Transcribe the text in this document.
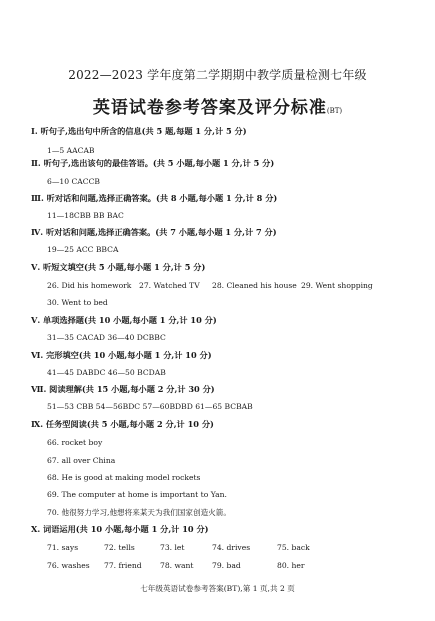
2022—2023 学年度第二学期期中教学质量检测七年级
英语试卷参考答案及评分标准(BT)
Ⅰ. 听句子,选出句中所含的信息(共 5 题,每题 1 分,计 5 分)
1—5 AACAB
Ⅱ. 听句子,选出该句的最佳答语。(共 5 小题,每小题 1 分,计 5 分)
6—10 CACCB
Ⅲ. 听对话和问题,选择正确答案。(共 8 小题,每小题 1 分,计 8 分)
11—18CBB BB BAC
Ⅳ. 听对话和问题,选择正确答案。(共 7 小题,每小题 1 分,计 7 分)
19—25 ACC BBCA
Ⅴ. 听短文填空(共 5 小题,每小题 1 分,计 5 分)
26. Did his homework 27. Watched TV 28. Cleaned his house 29. Went shopping
30. Went to bed
Ⅴ. 单项选择题(共 10 小题,每小题 1 分,计 10 分)
31—35 CACAD 36—40 DCBBC
Ⅵ. 完形填空(共 10 小题,每小题 1 分,计 10 分)
41—45 DABDC 46—50 BCDAB
Ⅶ. 阅读理解(共 15 小题,每小题 2 分,计 30 分)
51—53 CBB 54—56BDC 57—60BDBD 61—65 BCBAB
Ⅸ. 任务型阅读(共 5 小题,每小题 2 分,计 10 分)
66. rocket boy
67. all over China
68. He is good at making model rockets
69. The computer at home is important to Yan.
70. 他很努力学习,他想将来某天为我们国家创造火箭。
Ⅹ. 词语运用(共 10 小题,每小题 1 分,计 10 分)
71. says	72. tells	73. let	74. drives	75. back
76. washes 77. friend 78. want 79. bad	80. her
七年级英语试卷参考答案(BT),第 1 页,共 2 页
